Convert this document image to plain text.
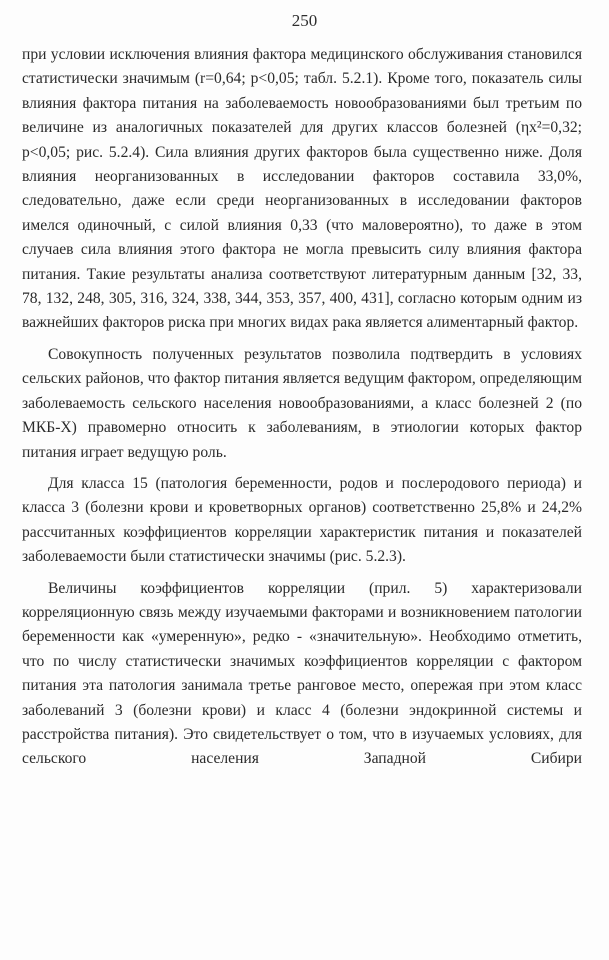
250

при условии исключения влияния фактора медицинского обслуживания становился статистически значимым (r=0,64; p<0,05; табл. 5.2.1). Кроме того, показатель силы влияния фактора питания на заболеваемость новообразованиями был третьим по величине из аналогичных показателей для других классов болезней (ηх²=0,32; p<0,05; рис. 5.2.4). Сила влияния других факторов была существенно ниже. Доля влияния неорганизованных в исследовании факторов составила 33,0%, следовательно, даже если среди неорганизованных в исследовании факторов имелся одиночный, с силой влияния 0,33 (что маловероятно), то даже в этом случаев сила влияния этого фактора не могла превысить силу влияния фактора питания. Такие результаты анализа соответствуют литературным данным [32, 33, 78, 132, 248, 305, 316, 324, 338, 344, 353, 357, 400, 431], согласно которым одним из важнейших факторов риска при многих видах рака является алиментарный фактор.

Совокупность полученных результатов позволила подтвердить в условиях сельских районов, что фактор питания является ведущим фактором, определяющим заболеваемость сельского населения новообразованиями, а класс болезней 2 (по МКБ-Х) правомерно относить к заболеваниям, в этиологии которых фактор питания играет ведущую роль.

Для класса 15 (патология беременности, родов и послеродового периода) и класса 3 (болезни крови и кроветворных органов) соответственно 25,8% и 24,2% рассчитанных коэффициентов корреляции характеристик питания и показателей заболеваемости были статистически значимы (рис. 5.2.3).

Величины коэффициентов корреляции (прил. 5) характеризовали корреляционную связь между изучаемыми факторами и возникновением патологии беременности как «умеренную», редко - «значительную». Необходимо отметить, что по числу статистически значимых коэффициентов корреляции с фактором питания эта патология занимала третье ранговое место, опережая при этом класс заболеваний 3 (болезни крови) и класс 4 (болезни эндокринной системы и расстройства питания). Это свидетельствует о том, что в изучаемых условиях, для сельского населения Западной Сибири
